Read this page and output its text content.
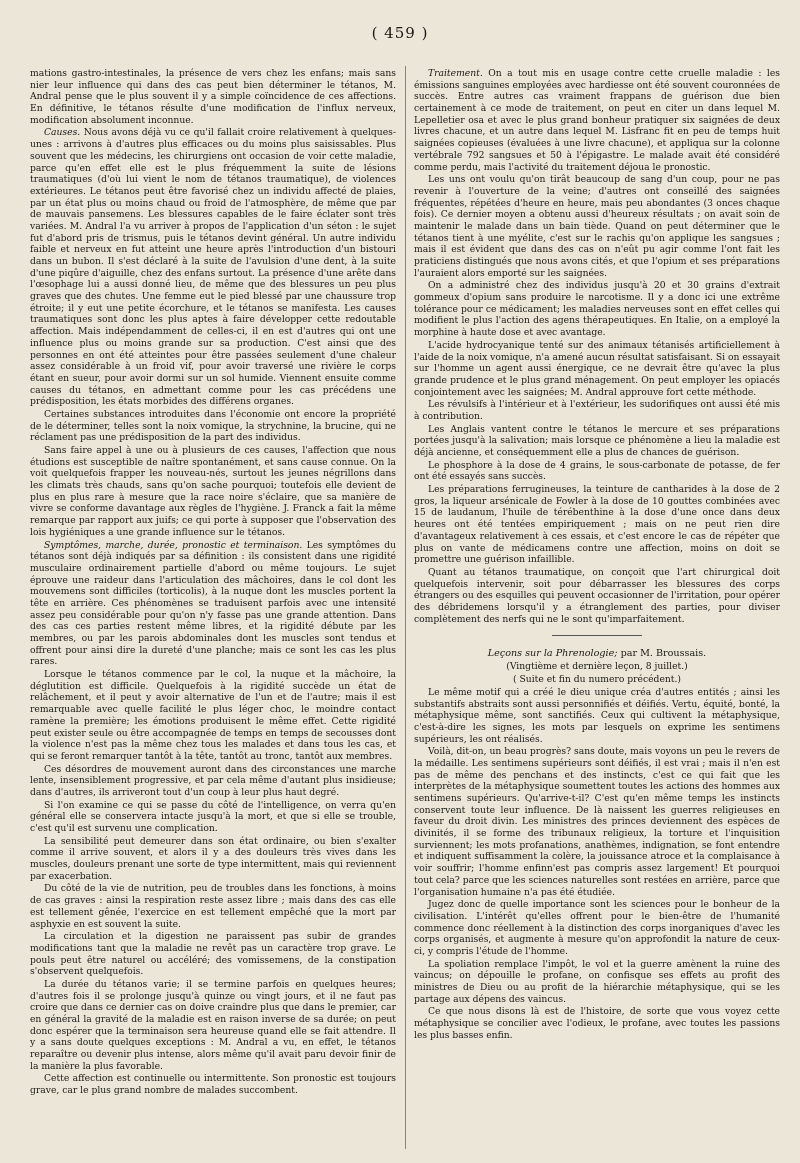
( 459 )

mations gastro-intestinales, la présence de vers chez les enfans; mais sans nier leur influence qui dans des cas peut bien déterminer le tétanos, M. Andral pense que le plus souvent il y a simple coïncidence de ces affections. En définitive, le tétanos résulte d'une modification de l'influx nerveux, modification absolument inconnue.

Causes. Nous avons déjà vu ce qu'il fallait croire relativement à quelques-unes : arrivons à d'autres plus efficaces ou du moins plus saisissables. Plus souvent que les médecins, les chirurgiens ont occasion de voir cette maladie, parce qu'en effet elle est le plus fréquemment la suite de lésions traumatiques (d'où lui vient le nom de tétanos traumatique), de violences extérieures. Le tétanos peut être favorisé chez un individu affecté de plaies, par un état plus ou moins chaud ou froid de l'atmosphère, de même que par de mauvais pansemens. Les blessures capables de le faire éclater sont très variées. M. Andral l'a vu arriver à propos de l'application d'un séton : le sujet fut d'abord pris de trismus, puis le tétanos devint général. Un autre individu faible et nerveux en fut atteint une heure après l'introduction d'un bistouri dans un bubon. Il s'est déclaré à la suite de l'avulsion d'une dent, à la suite d'une piqûre d'aiguille, chez des enfans surtout. La présence d'une arête dans l'œsophage lui a aussi donné lieu, de même que des blessures un peu plus graves que des chutes. Une femme eut le pied blessé par une chaussure trop étroite; il y eut une petite écorchure, et le tétanos se manifesta. Les causes traumatiques sont donc les plus aptes à faire développer cette redoutable affection. Mais indépendamment de celles-ci, il en est d'autres qui ont une influence plus ou moins grande sur sa production. C'est ainsi que des personnes en ont été atteintes pour être passées seulement d'une chaleur assez considérable à un froid vif, pour avoir traversé une rivière le corps étant en sueur, pour avoir dormi sur un sol humide. Viennent ensuite comme causes du tétanos, en admettant comme pour les cas précédens une prédisposition, les états morbides des différens organes.

Certaines substances introduites dans l'économie ont encore la propriété de le déterminer, telles sont la noix vomique, la strychnine, la brucine, qui ne réclament pas une prédisposition de la part des individus.

Sans faire appel à une ou à plusieurs de ces causes, l'affection que nous étudions est susceptible de naître spontanément, et sans cause connue. On la voit quelquefois frapper les nouveau-nés, surtout les jeunes négrillons dans les climats très chauds, sans qu'on sache pourquoi; toutefois elle devient de plus en plus rare à mesure que la race noire s'éclaire, que sa manière de vivre se conforme davantage aux règles de l'hygiène. J. Franck a fait la même remarque par rapport aux juifs; ce qui porte à supposer que l'observation des lois hygiéniques a une grande influence sur le tétanos.

Symptômes, marche, durée, pronostic et terminaison. Les symptômes du tétanos sont déjà indiqués par sa définition : ils consistent dans une rigidité musculaire ordinairement partielle d'abord ou même toujours. Le sujet éprouve une raideur dans l'articulation des mâchoires, dans le col dont les mouvemens sont difficiles (torticolis), à la nuque dont les muscles portent la tête en arrière. Ces phénomènes se traduisent parfois avec une intensité assez peu considérable pour qu'on n'y fasse pas une grande attention. Dans des cas ces parties restent même libres, et la rigidité débute par les membres, ou par les parois abdominales dont les muscles sont tendus et offrent pour ainsi dire la dureté d'une planche; mais ce sont les cas les plus rares.

Lorsque le tétanos commence par le col, la nuque et la mâchoire, la déglutition est difficile. Quelquefois à la rigidité succède un état de relâchement, et il peut y avoir alternative de l'un et de l'autre; mais il est remarquable avec quelle facilité le plus léger choc, le moindre contact ramène la première; les émotions produisent le même effet. Cette rigidité peut exister seule ou être accompagnée de temps en temps de secousses dont la violence n'est pas la même chez tous les malades et dans tous les cas, et qui se feront remarquer tantôt à la tête, tantôt au tronc, tantôt aux membres.

Ces désordres de mouvement auront dans des circonstances une marche lente, insensiblement progressive, et par cela même d'autant plus insidieuse; dans d'autres, ils arriveront tout d'un coup à leur plus haut degré.

Si l'on examine ce qui se passe du côté de l'intelligence, on verra qu'en général elle se conservera intacte jusqu'à la mort, et que si elle se trouble, c'est qu'il est survenu une complication.

La sensibilité peut demeurer dans son état ordinaire, ou bien s'exalter comme il arrive souvent, et alors il y a des douleurs très vives dans les muscles, douleurs prenant une sorte de type intermittent, mais qui reviennent par exacerbation.

Du côté de la vie de nutrition, peu de troubles dans les fonctions, à moins de cas graves : ainsi la respiration reste assez libre ; mais dans des cas elle est tellement gênée, l'exercice en est tellement empêché que la mort par asphyxie en est souvent la suite.

La circulation et la digestion ne paraissent pas subir de grandes modifications tant que la maladie ne revêt pas un caractère trop grave. Le pouls peut être naturel ou accéléré; des vomissemens, de la constipation s'observent quelquefois.

La durée du tétanos varie; il se termine parfois en quelques heures; d'autres fois il se prolonge jusqu'à quinze ou vingt jours, et il ne faut pas croire que dans ce dernier cas on doive craindre plus que dans le premier, car en général la gravité de la maladie est en raison inverse de sa durée; on peut donc espérer que la terminaison sera heureuse quand elle se fait attendre. Il y a sans doute quelques exceptions : M. Andral a vu, en effet, le tétanos reparaître ou devenir plus intense, alors même qu'il avait paru devoir finir de la manière la plus favorable.

Cette affection est continuelle ou intermittente. Son pronostic est toujours grave, car le plus grand nombre de malades succombent.

Traitement. On a tout mis en usage contre cette cruelle maladie : les émissions sanguines employées avec hardiesse ont été souvent couronnées de succès. Entre autres cas vraiment frappans de guérison due bien certainement à ce mode de traitement, on peut en citer un dans lequel M. Lepelletier osa et avec le plus grand bonheur pratiquer six saignées de deux livres chacune, et un autre dans lequel M. Lisfranc fit en peu de temps huit saignées copieuses (évaluées à une livre chacune), et appliqua sur la colonne vertébrale 792 sangsues et 50 à l'épigastre. Le malade avait été considéré comme perdu, mais l'activité du traitement déjoua le pronostic.

Les uns ont voulu qu'on tirât beaucoup de sang d'un coup, pour ne pas revenir à l'ouverture de la veine; d'autres ont conseillé des saignées fréquentes, répétées d'heure en heure, mais peu abondantes (3 onces chaque fois). Ce dernier moyen a obtenu aussi d'heureux résultats ; on avait soin de maintenir le malade dans un bain tiède. Quand on peut déterminer que le tétanos tient à une myélite, c'est sur le rachis qu'on applique les sangsues ; mais il est évident que dans des cas on n'eût pu agir comme l'ont fait les praticiens distingués que nous avons cités, et que l'opium et ses préparations l'auraient alors emporté sur les saignées.

On a administré chez des individus jusqu'à 20 et 30 grains d'extrait gommeux d'opium sans produire le narcotisme. Il y a donc ici une extrême tolérance pour ce médicament; les maladies nerveuses sont en effet celles qui modifient le plus l'action des agens thérapeutiques. En Italie, on a employé la morphine à haute dose et avec avantage.

L'acide hydrocyanique tenté sur des animaux tétanisés artificiellement à l'aide de la noix vomique, n'a amené aucun résultat satisfaisant. Si on essayait sur l'homme un agent aussi énergique, ce ne devrait être qu'avec la plus grande prudence et le plus grand ménagement. On peut employer les opiacés conjointement avec les saignées; M. Andral approuve fort cette méthode.

Les révulsifs à l'intérieur et à l'extérieur, les sudorifiques ont aussi été mis à contribution.

Les Anglais vantent contre le tétanos le mercure et ses préparations portées jusqu'à la salivation; mais lorsque ce phénomène a lieu la maladie est déjà ancienne, et conséquemment elle a plus de chances de guérison.

Le phosphore à la dose de 4 grains, le sous-carbonate de potasse, de fer ont été essayés sans succès.

Les préparations ferrugineuses, la teinture de cantharides à la dose de 2 gros, la liqueur arsénicale de Fowler à la dose de 10 gouttes combinées avec 15 de laudanum, l'huile de térébenthine à la dose d'une once dans deux heures ont été tentées empiriquement ; mais on ne peut rien dire d'avantageux relativement à ces essais, et c'est encore le cas de répéter que plus on vante de médicamens contre une affection, moins on doit se promettre une guérison infaillible.

Quant au tétanos traumatique, on conçoit que l'art chirurgical doit quelquefois intervenir, soit pour débarrasser les blessures des corps étrangers ou des esquilles qui peuvent occasionner de l'irritation, pour opérer des débridemens lorsqu'il y a étranglement des parties, pour diviser complètement des nerfs qui ne le sont qu'imparfaitement.

Leçons sur la Phrenologie; par M. Broussais.

(Vingtième et dernière leçon, 8 juillet.)

( Suite et fin du numero précédent.)

Le même motif qui a créé le dieu unique créa d'autres entités ; ainsi les substantifs abstraits sont aussi personnifiés et déifiés. Vertu, équité, bonté, la métaphysique même, sont sanctifiés. Ceux qui cultivent la métaphysique, c'est-à-dire les signes, les mots par lesquels on exprime les sentimens supérieurs, les ont réalisés.

Voilà, dit-on, un beau progrès? sans doute, mais voyons un peu le revers de la médaille. Les sentimens supérieurs sont déifiés, il est vrai ; mais il n'en est pas de même des penchans et des instincts, c'est ce qui fait que les interprètes de la métaphysique soumettent toutes les actions des hommes aux sentimens supérieurs. Qu'arrive-t-il? C'est qu'en même temps les instincts conservent toute leur influence. De là naissent les guerres religieuses en faveur du droit divin. Les ministres des princes deviennent des espèces de divinités, il se forme des tribunaux religieux, la torture et l'inquisition surviennent; les mots profanations, anathèmes, indignation, se font entendre et indiquent suffisamment la colère, la jouissance atroce et la complaisance à voir souffrir; l'homme enfinn'est pas compris assez largement! Et pourquoi tout cela? parce que les sciences naturelles sont restées en arrière, parce que l'organisation humaine n'a pas été étudiée.

Jugez donc de quelle importance sont les sciences pour le bonheur de la civilisation. L'intérêt qu'elles offrent pour le bien-être de l'humanité commence donc réellement à la distinction des corps inorganiques d'avec les corps organisés, et augmente à mesure qu'on approfondit la nature de ceux-ci, y compris l'étude de l'homme.

La spoliation remplace l'impôt, le vol et la guerre amènent la ruine des vaincus; on dépouille le profane, on confisque ses effets au profit des ministres de Dieu ou au profit de la hiérarchie métaphysique, qui se les partage aux dépens des vaincus.

Ce que nous disons là est de l'histoire, de sorte que vous voyez cette métaphysique se concilier avec l'odieux, le profane, avec toutes les passions les plus basses enfin.
